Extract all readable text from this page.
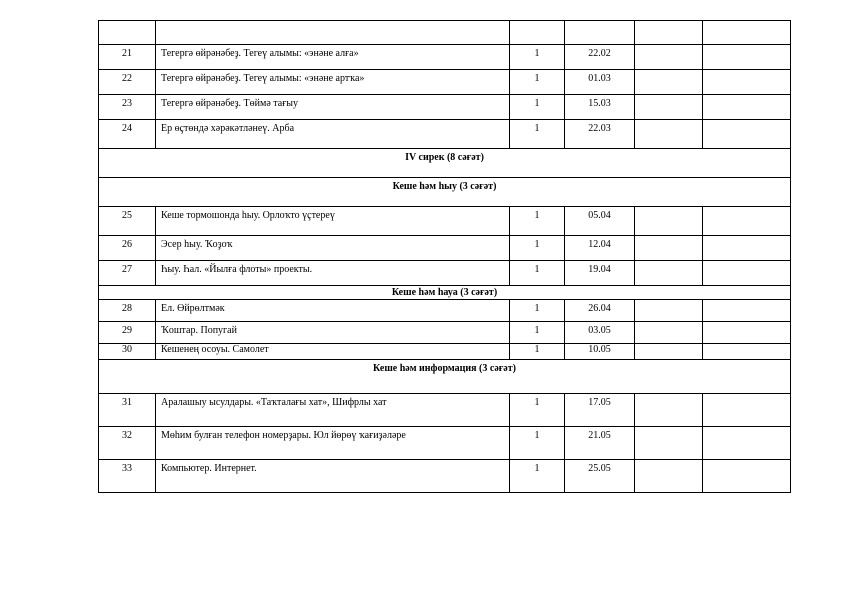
21	Тегергә өйрәнәбеҙ. Тегеү алымы: «энәне алға»	1	22.02		
22	Тегергә өйрәнәбеҙ. Тегеү алымы: «энәне артҡа»	1	01.03		
23	Тегергә өйрәнәбеҙ. Төймә тағыу	1	15.03		
24	Ер өҫтөндә хәрәкәтләнеү. Арба	1	22.03		
IV сирек (8 сәғәт)					
Кеше һәм һыу (3 сәғәт)					
25	Кеше тормошонда һыу. Орлоҡто үҫтереү	1	05.04		
26	Эсер һыу. Ҡоҙоҡ	1	12.04		
27	Һыу. Һал. «Йылға флоты» проекты.	1	19.04		
Кеше һәм һауа (3 сәғәт)					
28	Ел. Өйрөлтмәк	1	26.04		
29	Ҡоштар. Попугай	1	03.05		
30	Кешенең осоуы. Самолет	1	10.05		
Кеше һәм информация (3 сәғәт)					
31	Аралашыу ысулдары. «Таҡталағы хат», Шифрлы хат	1	17.05		
32	Мөһим булған телефон номерҙары. Юл йөрөү ҡағиҙәләре	1	21.05		
33	Компьютер. Интернет.	1	25.05		
